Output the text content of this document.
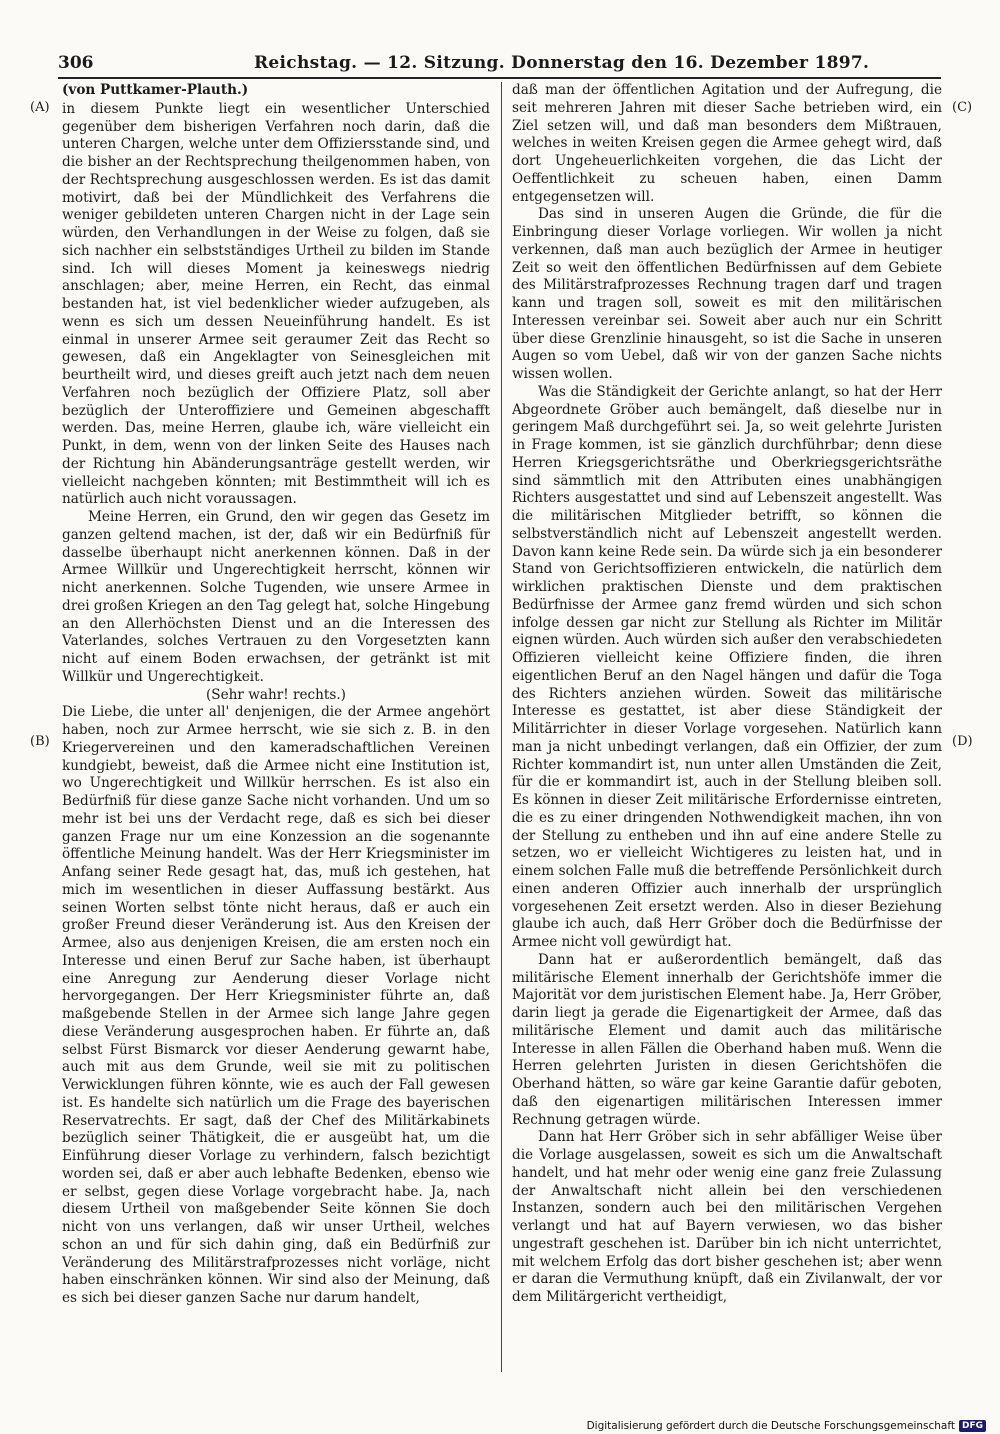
306	Reichstag. — 12. Sitzung. Donnerstag den 16. Dezember 1897.
(A)
(B)
(C)
(D)

(von Puttkamer-Plauth.)

in diesem Punkte liegt ein wesentlicher Unterschied gegenüber dem bisherigen Verfahren noch darin, daß die unteren Chargen, welche unter dem Offiziersstande sind, und die bisher an der Rechtsprechung theilgenommen haben, von der Rechtsprechung ausgeschlossen werden. Es ist das damit motivirt, daß bei der Mündlichkeit des Verfahrens die weniger gebildeten unteren Chargen nicht in der Lage sein würden, den Verhandlungen in der Weise zu folgen, daß sie sich nachher ein selbstständiges Urtheil zu bilden im Stande sind. Ich will dieses Moment ja keineswegs niedrig anschlagen; aber, meine Herren, ein Recht, das einmal bestanden hat, ist viel bedenklicher wieder aufzugeben, als wenn es sich um dessen Neueinführung handelt. Es ist einmal in unserer Armee seit geraumer Zeit das Recht so gewesen, daß ein Angeklagter von Seinesgleichen mit beurtheilt wird, und dieses greift auch jetzt nach dem neuen Verfahren noch bezüglich der Offiziere Platz, soll aber bezüglich der Unteroffiziere und Gemeinen abgeschafft werden. Das, meine Herren, glaube ich, wäre vielleicht ein Punkt, in dem, wenn von der linken Seite des Hauses nach der Richtung hin Abänderungsanträge gestellt werden, wir vielleicht nachgeben könnten; mit Bestimmtheit will ich es natürlich auch nicht voraussagen.

Meine Herren, ein Grund, den wir gegen das Gesetz im ganzen geltend machen, ist der, daß wir ein Bedürfniß für dasselbe überhaupt nicht anerkennen können. Daß in der Armee Willkür und Ungerechtigkeit herrscht, können wir nicht anerkennen. Solche Tugenden, wie unsere Armee in drei großen Kriegen an den Tag gelegt hat, solche Hingebung an den Allerhöchsten Dienst und an die Interessen des Vaterlandes, solches Vertrauen zu den Vorgesetzten kann nicht auf einem Boden erwachsen, der getränkt ist mit Willkür und Ungerechtigkeit.

(Sehr wahr! rechts.)

Die Liebe, die unter all' denjenigen, die der Armee angehört haben, noch zur Armee herrscht, wie sie sich z. B. in den Kriegervereinen und den kameradschaftlichen Vereinen kundgiebt, beweist, daß die Armee nicht eine Institution ist, wo Ungerechtigkeit und Willkür herrschen. Es ist also ein Bedürfniß für diese ganze Sache nicht vorhanden. Und um so mehr ist bei uns der Verdacht rege, daß es sich bei dieser ganzen Frage nur um eine Konzession an die sogenannte öffentliche Meinung handelt. Was der Herr Kriegsminister im Anfang seiner Rede gesagt hat, das, muß ich gestehen, hat mich im wesentlichen in dieser Auffassung bestärkt. Aus seinen Worten selbst tönte nicht heraus, daß er auch ein großer Freund dieser Veränderung ist. Aus den Kreisen der Armee, also aus denjenigen Kreisen, die am ersten noch ein Interesse und einen Beruf zur Sache haben, ist überhaupt eine Anregung zur Aenderung dieser Vorlage nicht hervorgegangen. Der Herr Kriegsminister führte an, daß maßgebende Stellen in der Armee sich lange Jahre gegen diese Veränderung ausgesprochen haben. Er führte an, daß selbst Fürst Bismarck vor dieser Aenderung gewarnt habe, auch mit aus dem Grunde, weil sie mit zu politischen Verwicklungen führen könnte, wie es auch der Fall gewesen ist. Es handelte sich natürlich um die Frage des bayerischen Reservatrechts. Er sagt, daß der Chef des Militärkabinets bezüglich seiner Thätigkeit, die er ausgeübt hat, um die Einführung dieser Vorlage zu verhindern, falsch bezichtigt worden sei, daß er aber auch lebhafte Bedenken, ebenso wie er selbst, gegen diese Vorlage vorgebracht habe. Ja, nach diesem Urtheil von maßgebender Seite können Sie doch nicht von uns verlangen, daß wir unser Urtheil, welches schon an und für sich dahin ging, daß ein Bedürfniß zur Veränderung des Militärstrafprozesses nicht vorläge, nicht haben einschränken können. Wir sind also der Meinung, daß es sich bei dieser ganzen Sache nur darum handelt,

daß man der öffentlichen Agitation und der Aufregung, die seit mehreren Jahren mit dieser Sache betrieben wird, ein Ziel setzen will, und daß man besonders dem Mißtrauen, welches in weiten Kreisen gegen die Armee gehegt wird, daß dort Ungeheuerlichkeiten vorgehen, die das Licht der Oeffentlichkeit zu scheuen haben, einen Damm entgegensetzen will.

Das sind in unseren Augen die Gründe, die für die Einbringung dieser Vorlage vorliegen. Wir wollen ja nicht verkennen, daß man auch bezüglich der Armee in heutiger Zeit so weit den öffentlichen Bedürfnissen auf dem Gebiete des Militärstrafprozesses Rechnung tragen darf und tragen kann und tragen soll, soweit es mit den militärischen Interessen vereinbar sei. Soweit aber auch nur ein Schritt über diese Grenzlinie hinausgeht, so ist die Sache in unseren Augen so vom Uebel, daß wir von der ganzen Sache nichts wissen wollen.

Was die Ständigkeit der Gerichte anlangt, so hat der Herr Abgeordnete Gröber auch bemängelt, daß dieselbe nur in geringem Maß durchgeführt sei. Ja, so weit gelehrte Juristen in Frage kommen, ist sie gänzlich durchführbar; denn diese Herren Kriegsgerichtsräthe und Oberkriegsgerichtsräthe sind sämmtlich mit den Attributen eines unabhängigen Richters ausgestattet und sind auf Lebenszeit angestellt. Was die militärischen Mitglieder betrifft, so können die selbstverständlich nicht auf Lebenszeit angestellt werden. Davon kann keine Rede sein. Da würde sich ja ein besonderer Stand von Gerichtsoffizieren entwickeln, die natürlich dem wirklichen praktischen Dienste und dem praktischen Bedürfnisse der Armee ganz fremd würden und sich schon infolge dessen gar nicht zur Stellung als Richter im Militär eignen würden. Auch würden sich außer den verabschiedeten Offizieren vielleicht keine Offiziere finden, die ihren eigentlichen Beruf an den Nagel hängen und dafür die Toga des Richters anziehen würden. Soweit das militärische Interesse es gestattet, ist aber diese Ständigkeit der Militärrichter in dieser Vorlage vorgesehen. Natürlich kann man ja nicht unbedingt verlangen, daß ein Offizier, der zum Richter kommandirt ist, nun unter allen Umständen die Zeit, für die er kommandirt ist, auch in der Stellung bleiben soll. Es können in dieser Zeit militärische Erfordernisse eintreten, die es zu einer dringenden Nothwendigkeit machen, ihn von der Stellung zu entheben und ihn auf eine andere Stelle zu setzen, wo er vielleicht Wichtigeres zu leisten hat, und in einem solchen Falle muß die betreffende Persönlichkeit durch einen anderen Offizier auch innerhalb der ursprünglich vorgesehenen Zeit ersetzt werden. Also in dieser Beziehung glaube ich auch, daß Herr Gröber doch die Bedürfnisse der Armee nicht voll gewürdigt hat.

Dann hat er außerordentlich bemängelt, daß das militärische Element innerhalb der Gerichtshöfe immer die Majorität vor dem juristischen Element habe. Ja, Herr Gröber, darin liegt ja gerade die Eigenartigkeit der Armee, daß das militärische Element und damit auch das militärische Interesse in allen Fällen die Oberhand haben muß. Wenn die Herren gelehrten Juristen in diesen Gerichtshöfen die Oberhand hätten, so wäre gar keine Garantie dafür geboten, daß den eigenartigen militärischen Interessen immer Rechnung getragen würde.

Dann hat Herr Gröber sich in sehr abfälliger Weise über die Vorlage ausgelassen, soweit es sich um die Anwaltschaft handelt, und hat mehr oder wenig eine ganz freie Zulassung der Anwaltschaft nicht allein bei den verschiedenen Instanzen, sondern auch bei den militärischen Vergehen verlangt und hat auf Bayern verwiesen, wo das bisher ungestraft geschehen ist. Darüber bin ich nicht unterrichtet, mit welchem Erfolg das dort bisher geschehen ist; aber wenn er daran die Vermuthung knüpft, daß ein Zivilanwalt, der vor dem Militärgericht vertheidigt,

Digitalisierung gefördert durch die Deutsche Forschungsgemeinschaft DFG
